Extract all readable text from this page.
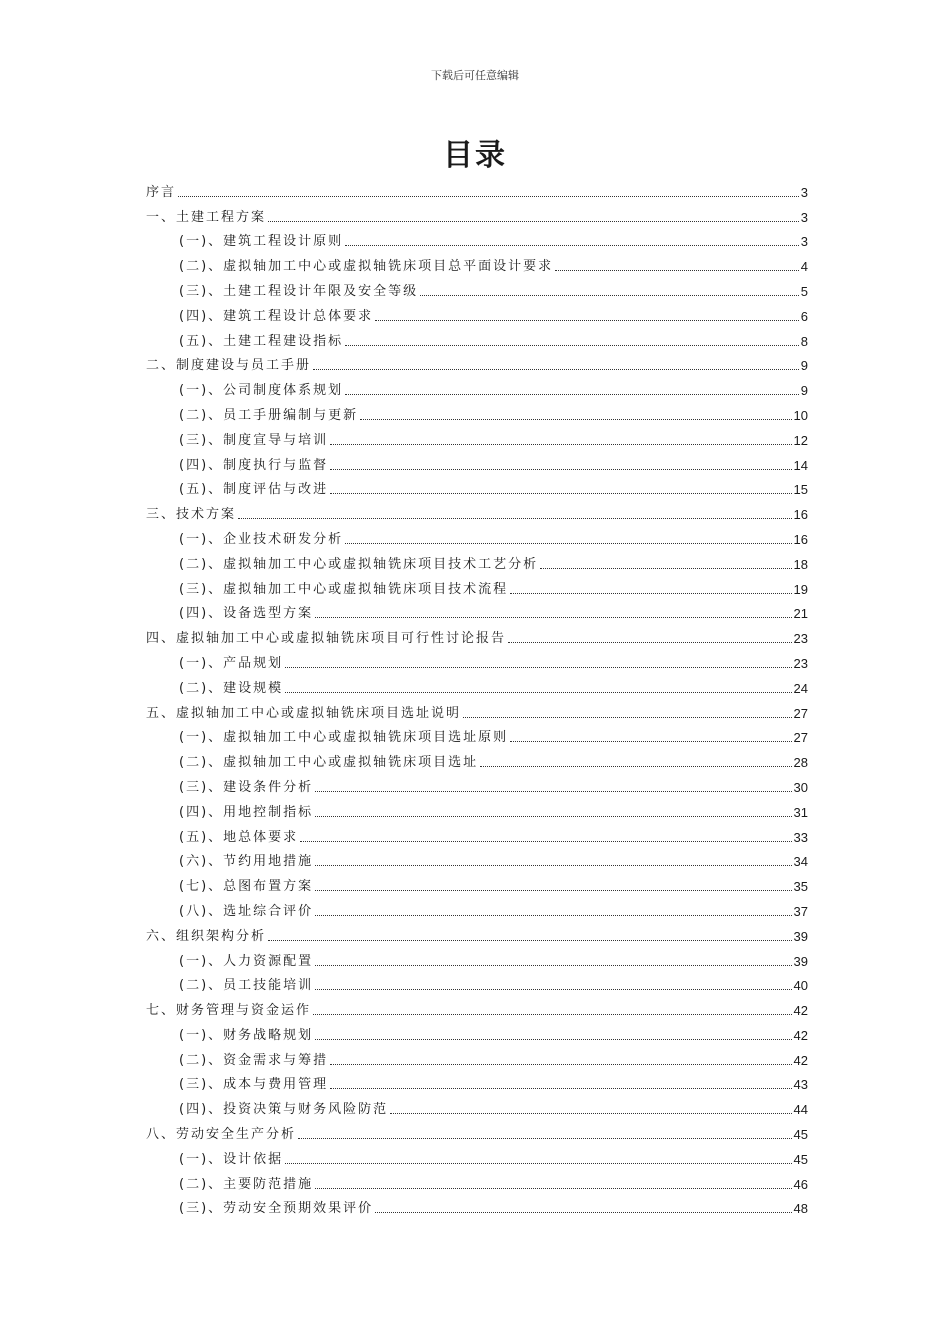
下载后可任意编辑
目录
序言	3
一、土建工程方案	3
(一)、建筑工程设计原则	3
(二)、虚拟轴加工中心或虚拟轴铣床项目总平面设计要求	4
(三)、土建工程设计年限及安全等级	5
(四)、建筑工程设计总体要求	6
(五)、土建工程建设指标	8
二、制度建设与员工手册	9
(一)、公司制度体系规划	9
(二)、员工手册编制与更新	10
(三)、制度宣导与培训	12
(四)、制度执行与监督	14
(五)、制度评估与改进	15
三、技术方案	16
(一)、企业技术研发分析	16
(二)、虚拟轴加工中心或虚拟轴铣床项目技术工艺分析	18
(三)、虚拟轴加工中心或虚拟轴铣床项目技术流程	19
(四)、设备选型方案	21
四、虚拟轴加工中心或虚拟轴铣床项目可行性讨论报告	23
(一)、产品规划	23
(二)、建设规模	24
五、虚拟轴加工中心或虚拟轴铣床项目选址说明	27
(一)、虚拟轴加工中心或虚拟轴铣床项目选址原则	27
(二)、虚拟轴加工中心或虚拟轴铣床项目选址	28
(三)、建设条件分析	30
(四)、用地控制指标	31
(五)、地总体要求	33
(六)、节约用地措施	34
(七)、总图布置方案	35
(八)、选址综合评价	37
六、组织架构分析	39
(一)、人力资源配置	39
(二)、员工技能培训	40
七、财务管理与资金运作	42
(一)、财务战略规划	42
(二)、资金需求与筹措	42
(三)、成本与费用管理	43
(四)、投资决策与财务风险防范	44
八、劳动安全生产分析	45
(一)、设计依据	45
(二)、主要防范措施	46
(三)、劳动安全预期效果评价	48
